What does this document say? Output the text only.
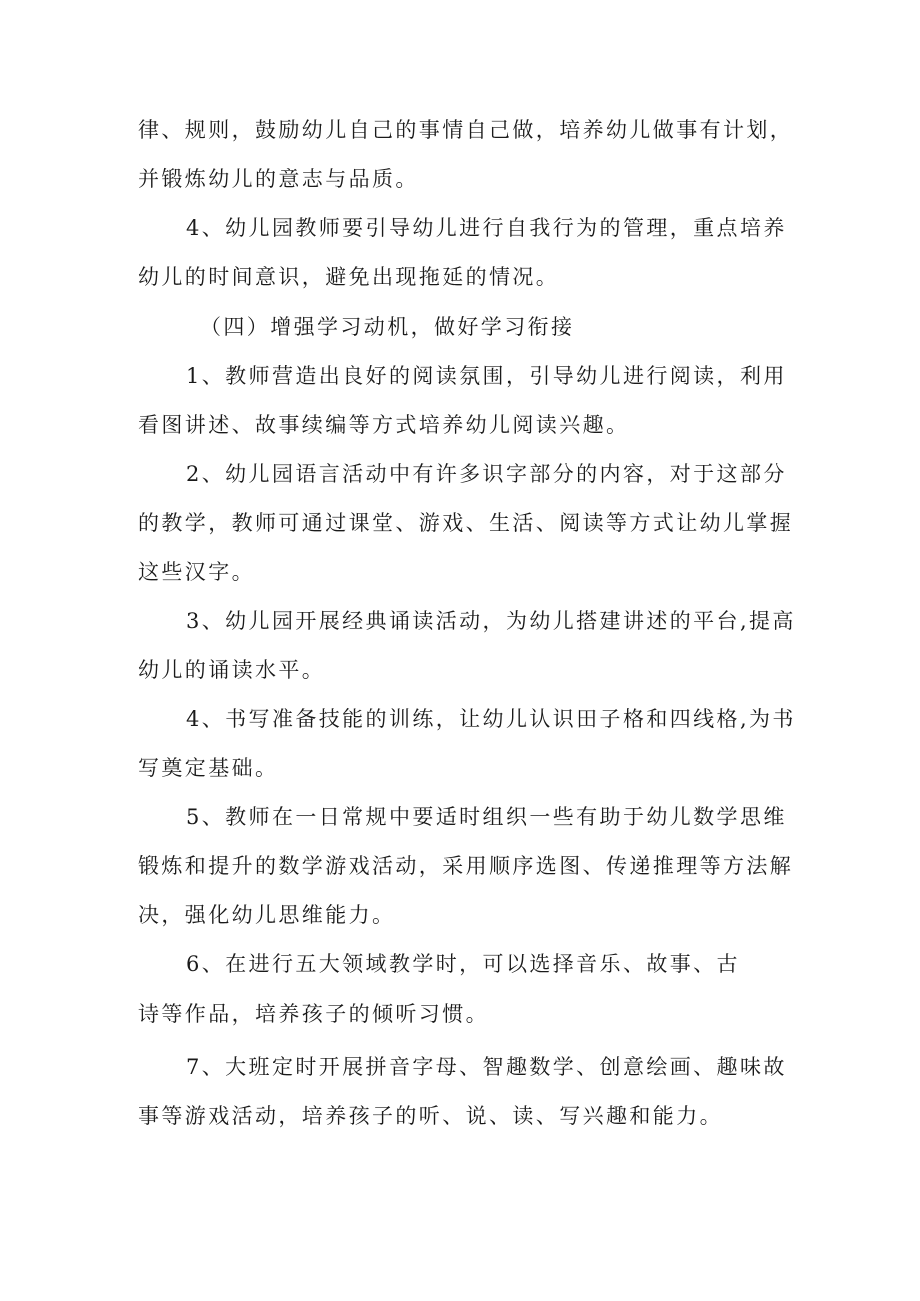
律、规则，鼓励幼儿自己的事情自己做，培养幼儿做事有计划，
并锻炼幼儿的意志与品质。
4、幼儿园教师要引导幼儿进行自我行为的管理，重点培养
幼儿的时间意识，避免出现拖延的情况。
（四）增强学习动机，做好学习衔接
1、教师营造出良好的阅读氛围，引导幼儿进行阅读，利用
看图讲述、故事续编等方式培养幼儿阅读兴趣。
2、幼儿园语言活动中有许多识字部分的内容，对于这部分
的教学，教师可通过课堂、游戏、生活、阅读等方式让幼儿掌握
这些汉字。
3、幼儿园开展经典诵读活动，为幼儿搭建讲述的平台,提高
幼儿的诵读水平。
4、书写准备技能的训练，让幼儿认识田子格和四线格,为书
写奠定基础。
5、教师在一日常规中要适时组织一些有助于幼儿数学思维
锻炼和提升的数学游戏活动，采用顺序选图、传递推理等方法解
决，强化幼儿思维能力。
6、在进行五大领域教学时，可以选择音乐、故事、古
诗等作品，培养孩子的倾听习惯。
7、大班定时开展拼音字母、智趣数学、创意绘画、趣味故
事等游戏活动，培养孩子的听、说、读、写兴趣和能力。
